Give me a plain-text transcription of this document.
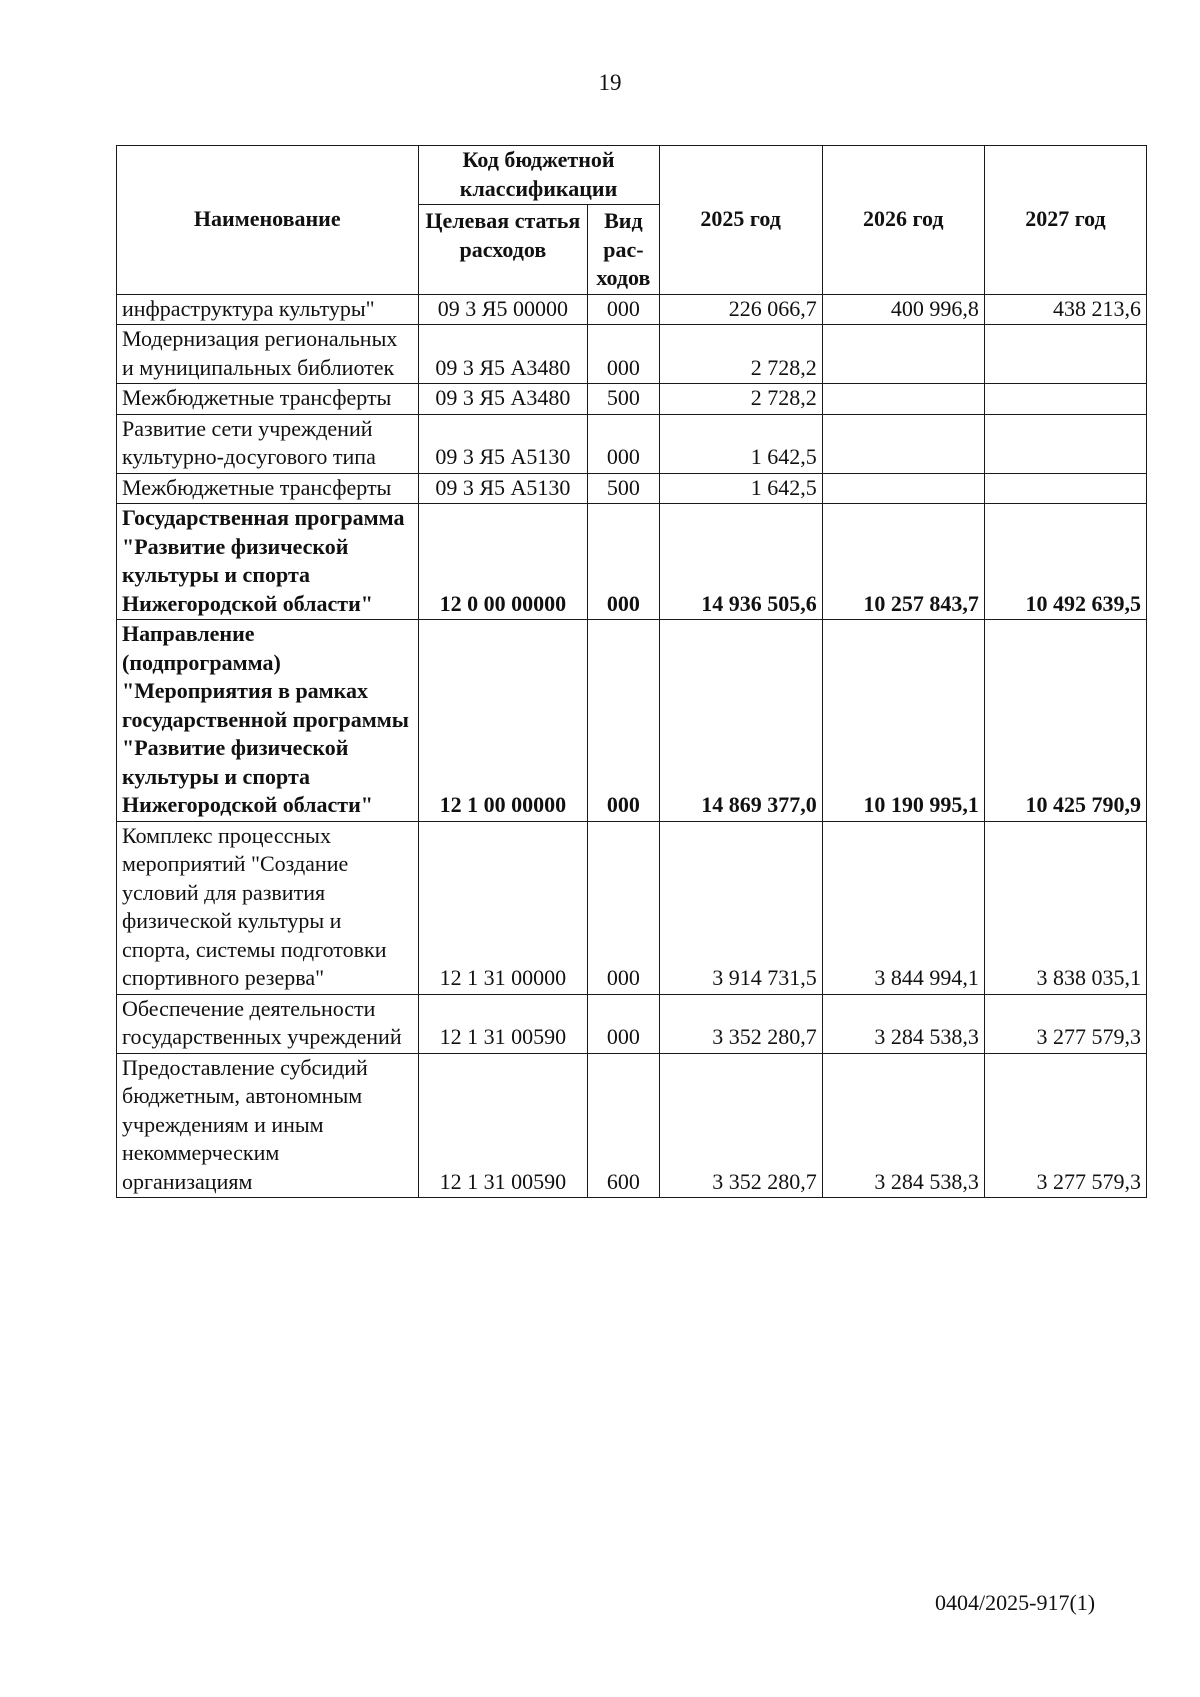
19
Наименование	Код бюджетной классификации		2025 год	2026 год	2027 год
	Целевая статья расходов	Вид рас-ходов			
инфраструктура культуры"	09 3 Я5 00000	000	226 066,7	400 996,8	438 213,6
Модернизация региональных и муниципальных библиотек	09 3 Я5 А3480	000	2 728,2		
Межбюджетные трансферты	09 3 Я5 А3480	500	2 728,2		
Развитие сети учреждений культурно-досугового типа	09 3 Я5 А5130	000	1 642,5		
Межбюджетные трансферты	09 3 Я5 А5130	500	1 642,5		
Государственная программа "Развитие физической культуры и спорта Нижегородской области"	12 0 00 00000	000	14 936 505,6	10 257 843,7	10 492 639,5
Направление (подпрограмма) "Мероприятия в рамках государственной программы "Развитие физической культуры и спорта Нижегородской области"	12 1 00 00000	000	14 869 377,0	10 190 995,1	10 425 790,9
Комплекс процессных мероприятий "Создание условий для развития физической культуры и спорта, системы подготовки спортивного резерва"	12 1 31 00000	000	3 914 731,5	3 844 994,1	3 838 035,1
Обеспечение деятельности государственных учреждений	12 1 31 00590	000	3 352 280,7	3 284 538,3	3 277 579,3
Предоставление субсидий бюджетным, автономным учреждениям и иным некоммерческим организациям	12 1 31 00590	600	3 352 280,7	3 284 538,3	3 277 579,3
0404/2025-917(1)
